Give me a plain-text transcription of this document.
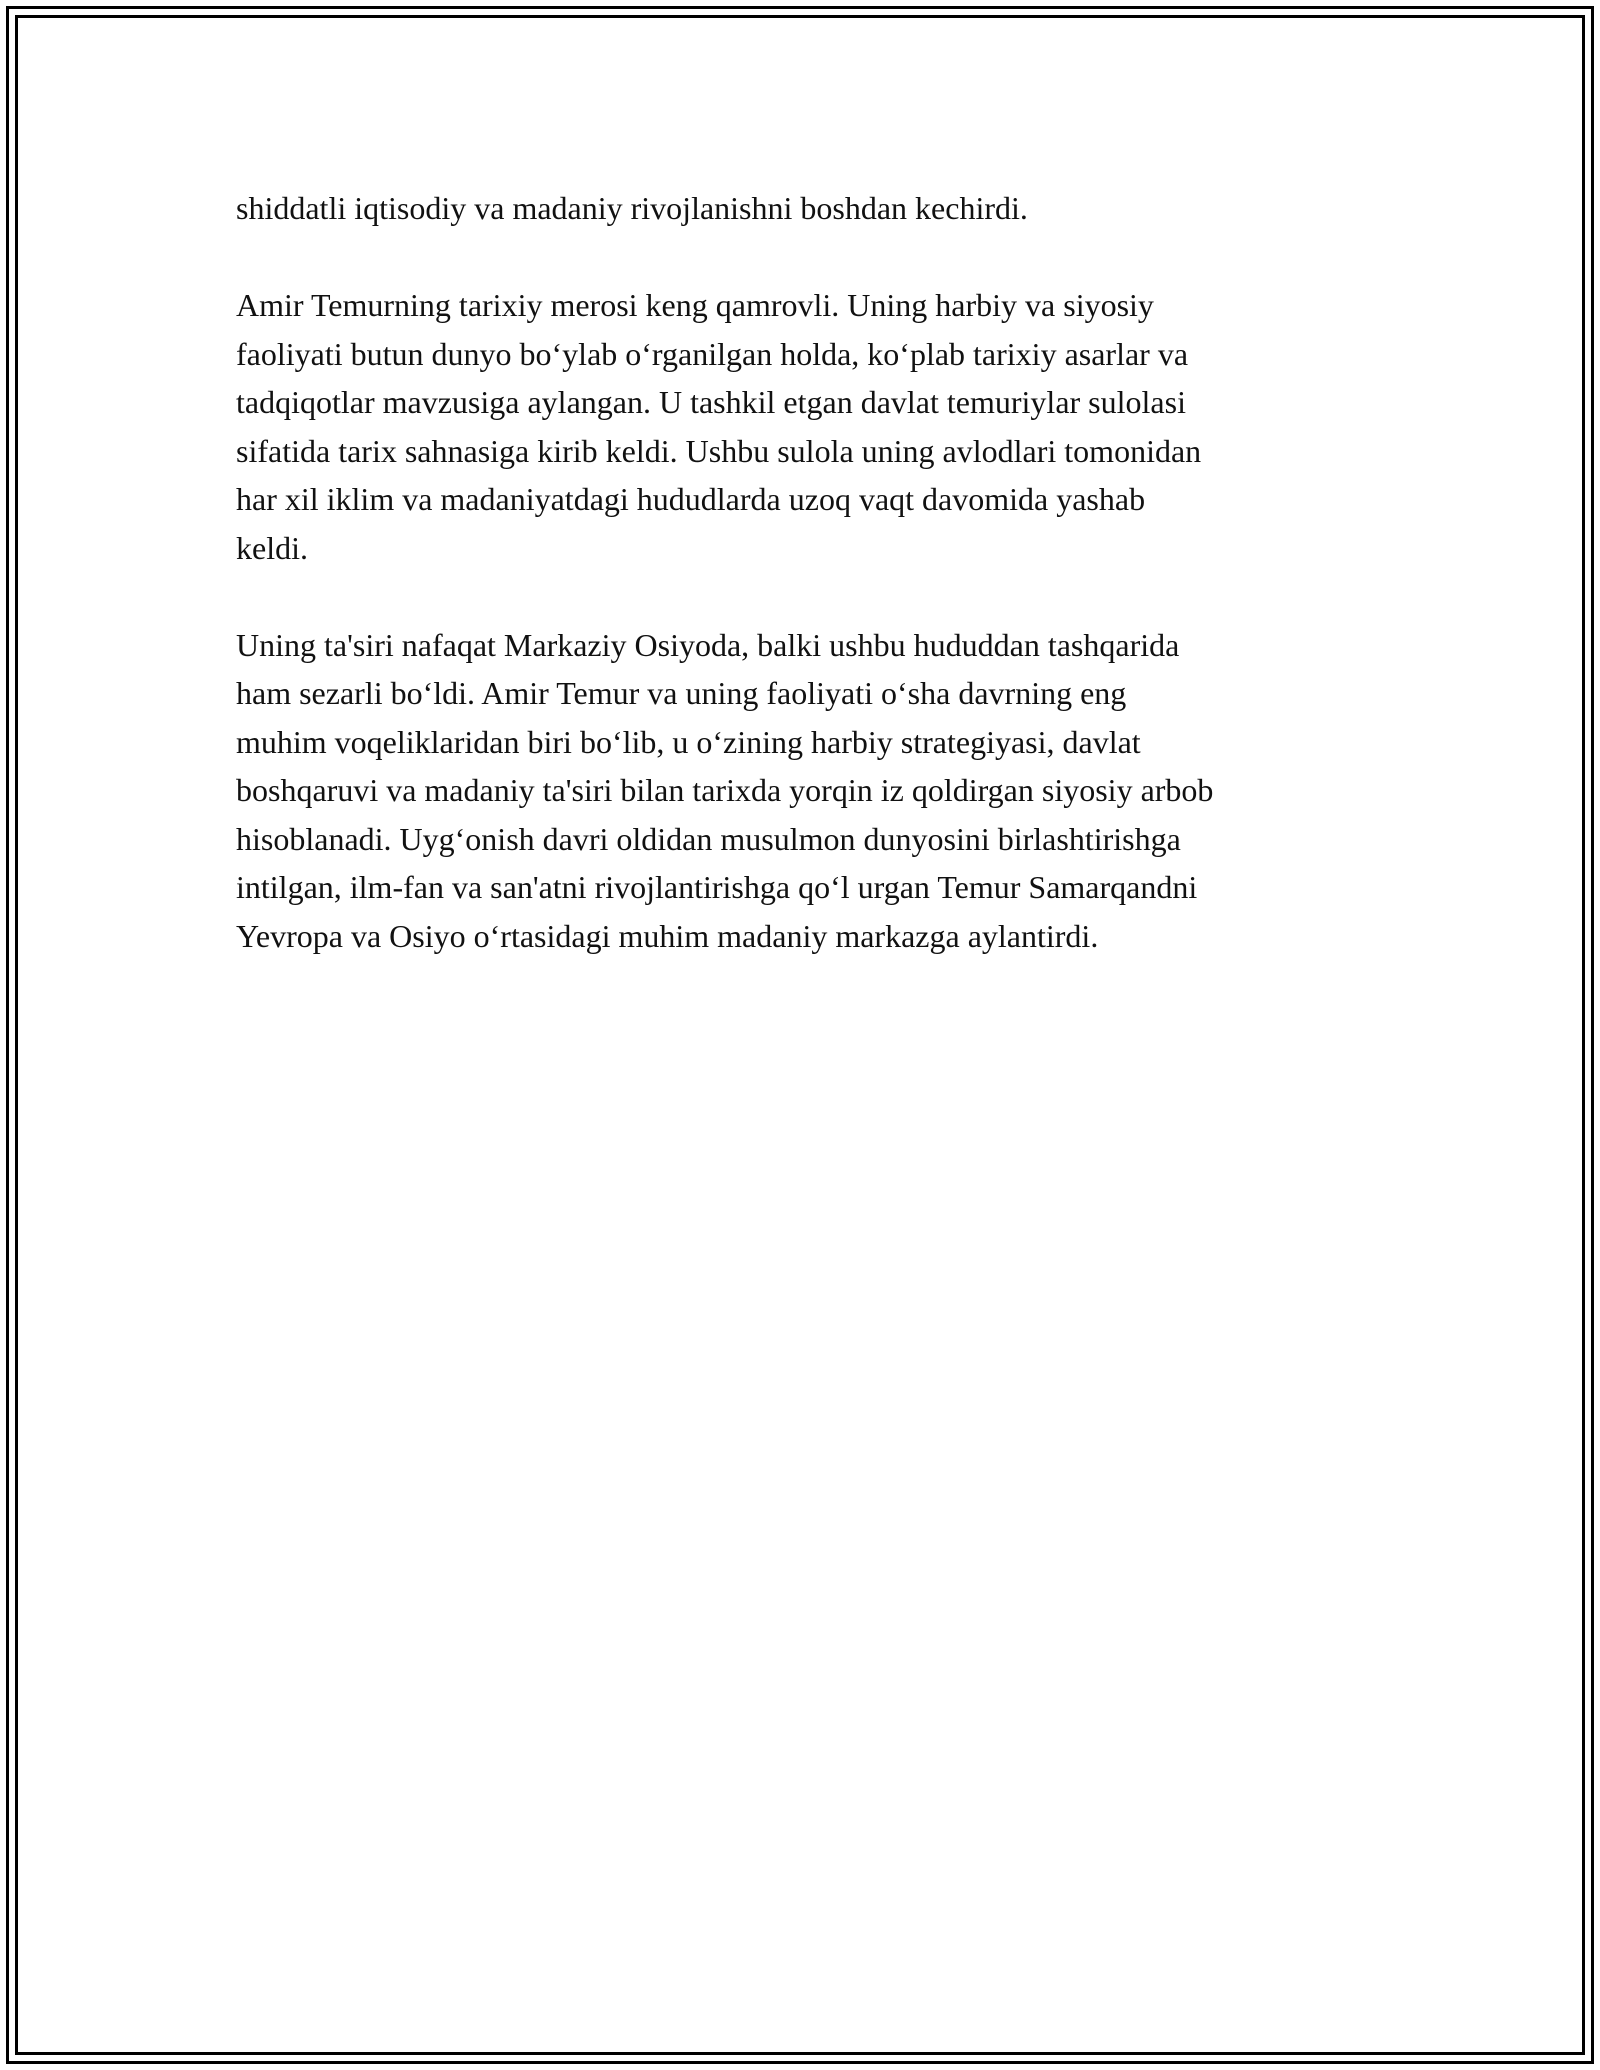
shiddatli iqtisodiy va madaniy rivojlanishni boshdan kechirdi.

Amir Temurning tarixiy merosi keng qamrovli. Uning harbiy va siyosiy
faoliyati butun dunyo bo‘ylab o‘rganilgan holda, ko‘plab tarixiy asarlar va
tadqiqotlar mavzusiga aylangan. U tashkil etgan davlat temuriylar sulolasi
sifatida tarix sahnasiga kirib keldi. Ushbu sulola uning avlodlari tomonidan
har xil iklim va madaniyatdagi hududlarda uzoq vaqt davomida yashab
keldi.

Uning ta'siri nafaqat Markaziy Osiyoda, balki ushbu hududdan tashqarida
ham sezarli bo‘ldi. Amir Temur va uning faoliyati o‘sha davrning eng
muhim voqeliklaridan biri bo‘lib, u o‘zining harbiy strategiyasi, davlat
boshqaruvi va madaniy ta'siri bilan tarixda yorqin iz qoldirgan siyosiy arbob
hisoblanadi. Uyg‘onish davri oldidan musulmon dunyosini birlashtirishga
intilgan, ilm-fan va san'atni rivojlantirishga qo‘l urgan Temur Samarqandni
Yevropa va Osiyo o‘rtasidagi muhim madaniy markazga aylantirdi.
